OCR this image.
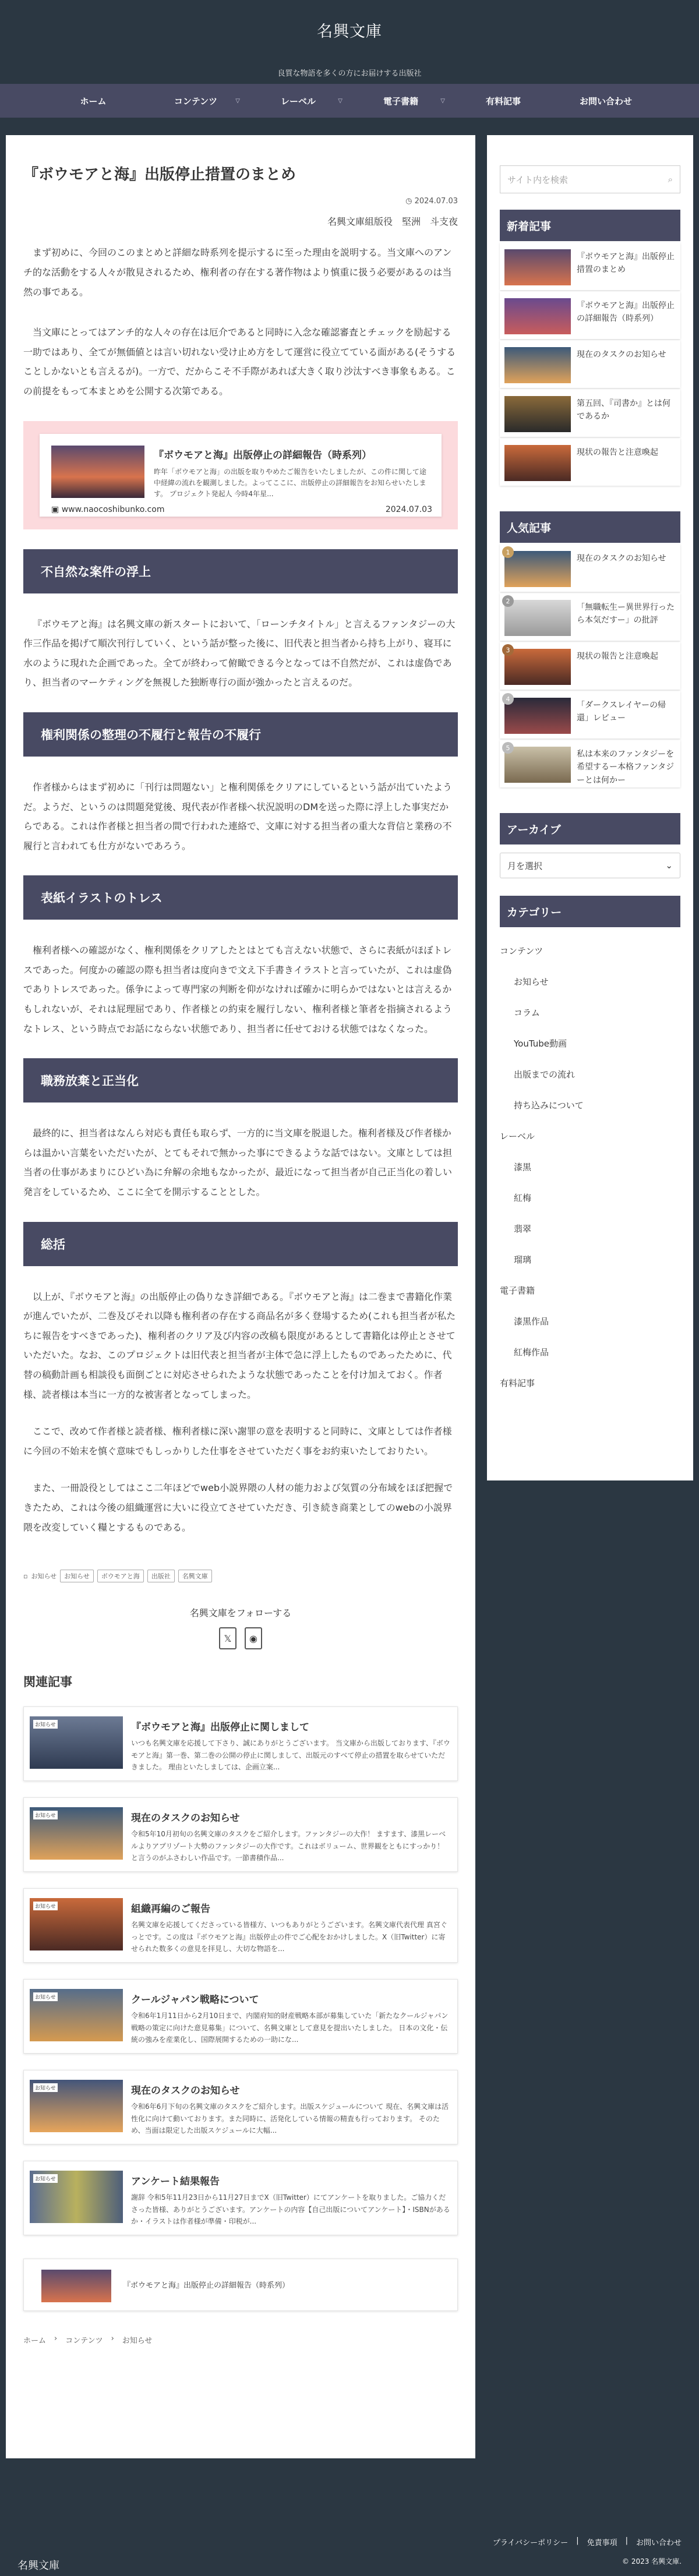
名興文庫
良質な物語を多くの方にお届けする出版社
ホーム	コンテンツ	▽	レーベル	▽	電子書籍	▽	有料記事	お問い合わせ
『ボウモアと海』出版停止措置のまとめ
◷ 2024.07.03
名興文庫組版役　堅洲　斗支夜

まず初めに、今回のこのまとめと詳細な時系列を提示するに至った理由を説明する。当文庫へのアンチ的な活動をする人々が散見されるため、権利者の存在する著作物はより慎重に扱う必要があるのは当然の事である。

当文庫にとってはアンチ的な人々の存在は厄介であると同時に入念な確認審査とチェックを励起する一助ではあり、全てが無価値とは言い切れない受け止め方をして運営に役立てている面がある(そうすることしかないとも言えるが)。一方で、だからこそ不手際があれば大きく取り沙汰すべき事象もある。この前提をもって本まとめを公開する次第である。

『ボウモアと海』出版停止の詳細報告（時系列）
昨年「ボウモアと海」の出版を取りやめたご報告をいたしましたが、この件に関して途中経緯の流れを観測しました。よってここに、出版停止の詳細報告をお知らせいたします。 プロジェクト発起人 今時4年星...
▣ www.naocoshibunko.com	2024.07.03
不自然な案件の浮上

『ボウモアと海』は名興文庫の新スタートにおいて、「ローンチタイトル」と言えるファンタジーの大作三作品を掲げて順次刊行していく、という話が整った後に、旧代表と担当者から持ち上がり、寝耳に水のように現れた企画であった。全てが終わって俯瞰できる今となっては不自然だが、これは虚偽であり、担当者のマーケティングを無視した独断専行の面が強かったと言えるのだ。

権利関係の整理の不履行と報告の不履行

作者様からはまず初めに「刊行は問題ない」と権利関係をクリアにしているという話が出ていたようだ。ようだ、というのは問題発覚後、現代表が作者様へ状況説明のDMを送った際に浮上した事実だからである。これは作者様と担当者の間で行われた連絡で、文庫に対する担当者の重大な背信と業務の不履行と言われても仕方がないであろう。

表紙イラストのトレス

権利者様への確認がなく、権利関係をクリアしたとはとても言えない状態で、さらに表紙がほぼトレスであった。何度かの確認の際も担当者は度向きで文え下手書きイラストと言っていたが、これは虚偽でありトレスであった。係争によって専門家の判断を仰がなければ確かに明らかではないとは言えるかもしれないが、それは屁理屈であり、作者様との約束を履行しない、権利者様と筆者を指摘されるようなトレス、という時点でお話にならない状態であり、担当者に任せておける状態ではなくなった。

職務放棄と正当化

最終的に、担当者はなんら対応も責任も取らず、一方的に当文庫を脱退した。権利者様及び作者様からは温かい言葉をいただいたが、とてもそれで無かった事にできるような話ではない。文庫としては担当者の仕事があまりにひどい為に弁解の余地もなかったが、最近になって担当者が自己正当化の着しい発言をしているため、ここに全てを開示することとした。

総括

以上が、『ボウモアと海』の出版停止の偽りなき詳細である。『ボウモアと海』は二巻まで書籍化作業が進んでいたが、二巻及びそれ以降も権利者の存在する商品名が多く登場するため(これも担当者が私たちに報告をすべきであった)、権利者のクリア及び内容の改稿も限度があるとして書籍化は停止とさせていただいた。なお、このプロジェクトは旧代表と担当者が主体で急に浮上したものであったために、代替の稿動計画も相談役も面倒ごとに対応させられたような状態であったことを付け加えておく。作者様、読者様は本当に一方的な被害者となってしまった。

ここで、改めて作者様と読者様、権利者様に深い謝罪の意を表明すると同時に、文庫としては作者様に今回の不始末を慎ぐ意味でもしっかりした仕事をさせていただく事をお約束いたしておりたい。

また、一冊設役としてはここ二年ほどでweb小説界隈の人材の能力および気質の分布域をほぼ把握できたため、これは今後の組織運営に大いに役立てさせていただき、引き続き商業としてのwebの小説界隈を改変していく糧とするものである。

▫ お知らせ	お知らせ	ボウモアと海	出版社	名興文庫
名興文庫をフォローする
𝕏 ◉
関連記事
お知らせ	『ボウモアと海』出版停止に関しまして
いつも名興文庫を応援して下さり、誠にありがとうございます。 当文庫から出版しております、『ボウモアと海』第一巻、第二巻の公開の停止に関しまして、出版元のすべて停止の措置を取らせていただきました。 理由といたしましては、企画立案...
お知らせ	現在のタスクのお知らせ
令和5年10月初旬の名興文庫のタスクをご紹介します。ファンタジーの大作！ ますます、漆黒レーベルよりアプリゾート大勢のファンタジーの大作です。これはボリューム、世界観をともにすっかり！ と言うのがふさわしい作品です。一節書積作品...
お知らせ	組織再編のご報告
名興文庫を応援してくださっている皆様方、いつもありがとうございます。名興文庫代表代理 真宮ぐっとです。この度は『ボウモアと海』出版停止の件でご心配をおかけしました。X（旧Twitter）に寄せられた数多くの意見を拝見し、大切な物語を...
お知らせ	クールジャパン戦略について
令和6年1月11日から2月10日まで、内閣府知的財産戦略本部が募集していた「新たなクールジャパン戦略の策定に向けた意見募集」について、名興文庫として意見を提出いたしました。 日本の文化・伝統の強みを産業化し、国際展開するための一助にな...
お知らせ	現在のタスクのお知らせ
令和6年6月下旬の名興文庫のタスクをご紹介します。出版スケジュールについて 現在、名興文庫は活性化に向けて動いております。また同時に、活発化している情報の精査も行っております。 そのため、当面は限定した出版スケジュールに大幅...
お知らせ	アンケート結果報告
謝辞 令和5年11月23日から11月27日までX（旧Twitter）にてアンケートを取りました。ご協力くださった皆様、ありがとうございます。アンケートの内容【自己出版についてアンケート】・ISBNがあるか・イラストは作者様が準備・印税が...
『ボウモアと海』出版停止の詳細報告（時系列）
ホーム › コンテンツ › お知らせ
サイト内を検索	⌕
新着記事
『ボウモアと海』出版停止措置のまとめ
『ボウモアと海』出版停止の詳細報告（時系列）
現在のタスクのお知らせ
第五回、『司書か』とは何であるか
現状の報告と注意喚起
人気記事
1
現在のタスクのお知らせ
2
「無職転生ー異世界行ったら本気だすー」の批評
3
現状の報告と注意喚起
4
「ダークスレイヤーの帰還」レビュー
5
私は本来のファンタジーを希望するー本格ファンタジーとは何かー
アーカイブ
月を選択	⌄
カテゴリー
コンテンツ
お知らせ
コラム
YouTube動画
出版までの流れ
持ち込みについて
レーベル
漆黒
紅梅
翡翠
瑠璃
電子書籍
漆黒作品
紅梅作品
有料記事
プライバシーポリシー | 免責事項 | お問い合わせ
© 2023 名興文庫.
名興文庫
